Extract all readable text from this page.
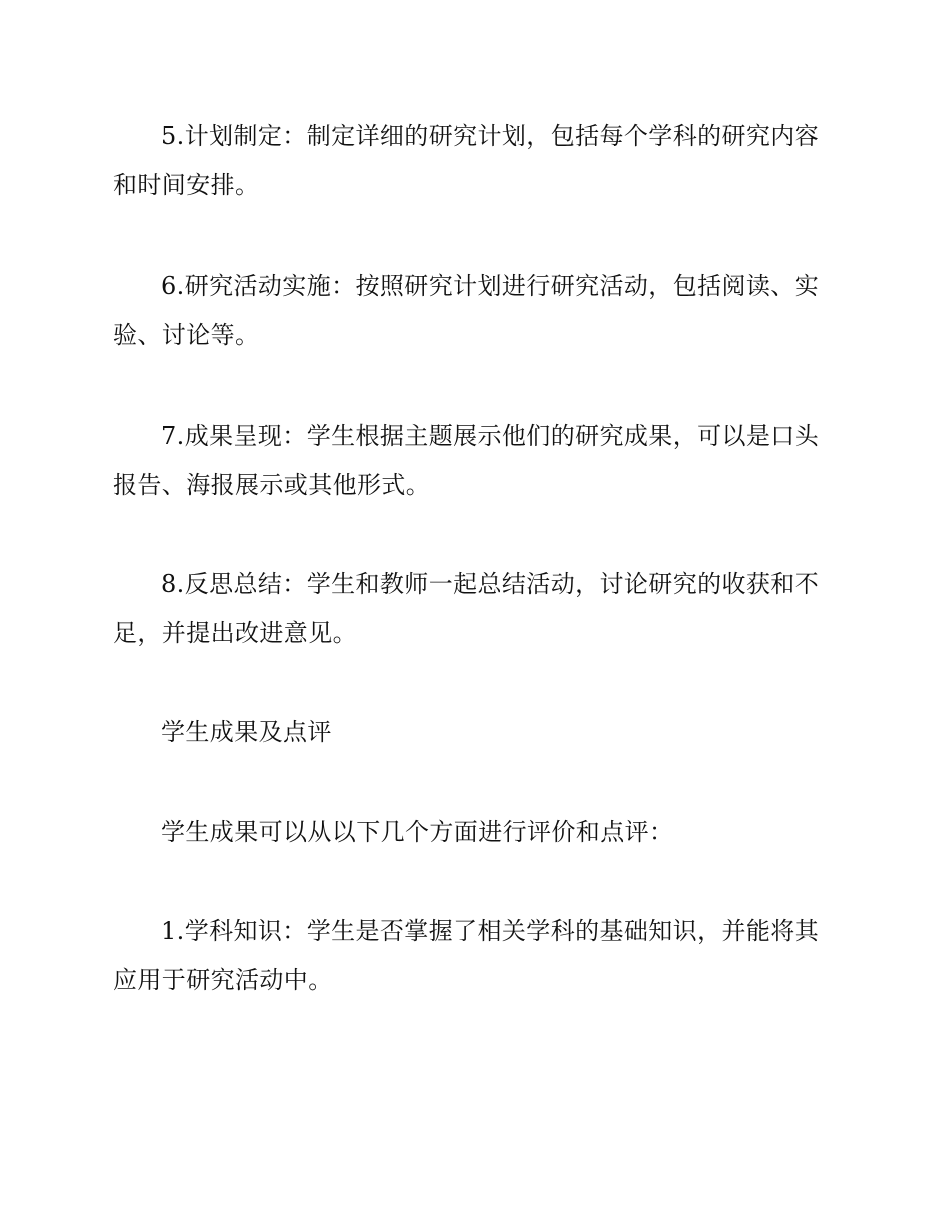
5.计划制定：制定详细的研究计划，包括每个学科的研究内容和时间安排。

6.研究活动实施：按照研究计划进行研究活动，包括阅读、实验、讨论等。

7.成果呈现：学生根据主题展示他们的研究成果，可以是口头报告、海报展示或其他形式。

8.反思总结：学生和教师一起总结活动，讨论研究的收获和不足，并提出改进意见。

学生成果及点评

学生成果可以从以下几个方面进行评价和点评：

1.学科知识：学生是否掌握了相关学科的基础知识，并能将其应用于研究活动中。
